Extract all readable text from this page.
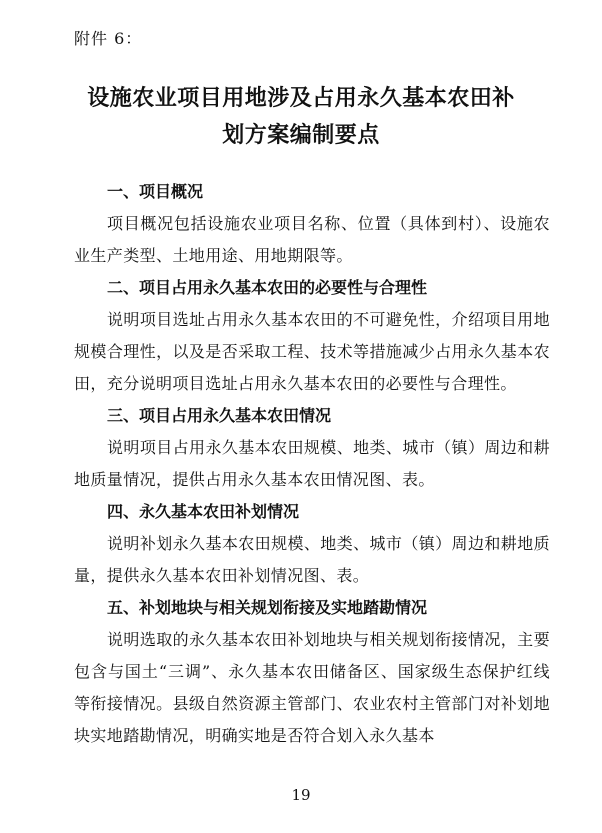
附件 6：
设施农业项目用地涉及占用永久基本农田补
划方案编制要点

一、项目概况

项目概况包括设施农业项目名称、位置（具体到村）、设施农业生产类型、土地用途、用地期限等。

二、项目占用永久基本农田的必要性与合理性

说明项目选址占用永久基本农田的不可避免性，介绍项目用地规模合理性，以及是否采取工程、技术等措施减少占用永久基本农田，充分说明项目选址占用永久基本农田的必要性与合理性。

三、项目占用永久基本农田情况

说明项目占用永久基本农田规模、地类、城市（镇）周边和耕地质量情况，提供占用永久基本农田情况图、表。

四、永久基本农田补划情况

说明补划永久基本农田规模、地类、城市（镇）周边和耕地质量，提供永久基本农田补划情况图、表。

五、补划地块与相关规划衔接及实地踏勘情况

说明选取的永久基本农田补划地块与相关规划衔接情况，主要包含与国土“三调”、永久基本农田储备区、国家级生态保护红线等衔接情况。县级自然资源主管部门、农业农村主管部门对补划地块实地踏勘情况，明确实地是否符合划入永久基本

19
